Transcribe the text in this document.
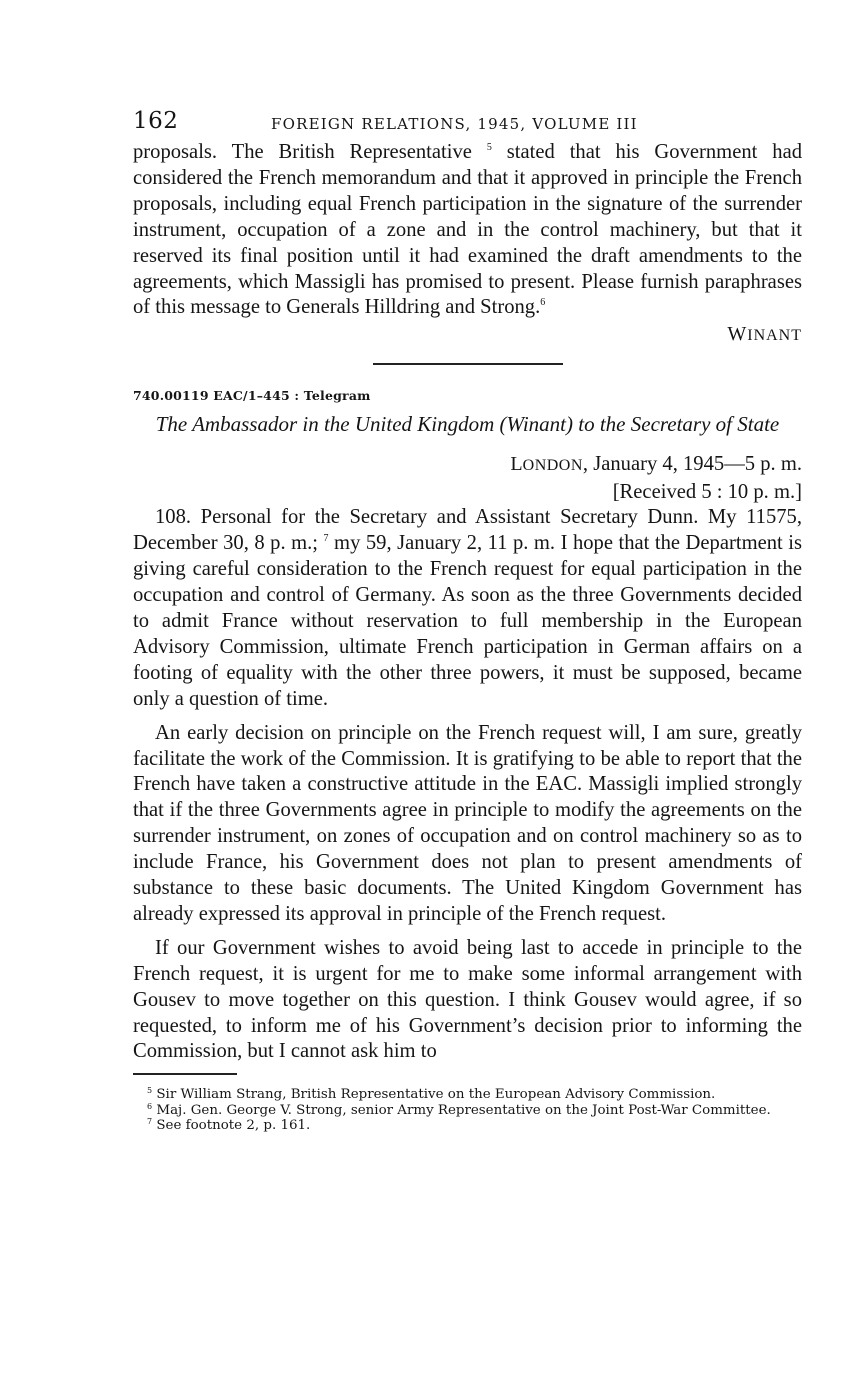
162	FOREIGN RELATIONS, 1945, VOLUME III

proposals. The British Representative $^5$ stated that his Government had considered the French memorandum and that it approved in principle the French proposals, including equal French participation in the signature of the surrender instrument, occupation of a zone and in the control machinery, but that it reserved its final position until it had examined the draft amendments to the agreements, which Massigli has promised to present. Please furnish paraphrases of this message to Generals Hilldring and Strong.$^6$

WINANT
740.00119 EAC/1–445 : Telegram
The Ambassador in the United Kingdom (Winant) to the Secretary of State
LONDON, January 4, 1945—5 p. m.
[Received 5 : 10 p. m.]

108. Personal for the Secretary and Assistant Secretary Dunn. My 11575, December 30, 8 p. m.; $^7$ my 59, January 2, 11 p. m. I hope that the Department is giving careful consideration to the French request for equal participation in the occupation and control of Germany. As soon as the three Governments decided to admit France without reservation to full membership in the European Advisory Commission, ultimate French participation in German affairs on a footing of equality with the other three powers, it must be supposed, became only a question of time.

An early decision on principle on the French request will, I am sure, greatly facilitate the work of the Commission. It is gratifying to be able to report that the French have taken a constructive attitude in the EAC. Massigli implied strongly that if the three Governments agree in principle to modify the agreements on the surrender instrument, on zones of occupation and on control machinery so as to include France, his Government does not plan to present amendments of substance to these basic documents. The United Kingdom Government has already expressed its approval in principle of the French request.

If our Government wishes to avoid being last to accede in principle to the French request, it is urgent for me to make some informal arrangement with Gousev to move together on this question. I think Gousev would agree, if so requested, to inform me of his Government’s decision prior to informing the Commission, but I cannot ask him to

$^5$ Sir William Strang, British Representative on the European Advisory Commission.

$^6$ Maj. Gen. George V. Strong, senior Army Representative on the Joint Post-War Committee.

$^7$ See footnote 2, p. 161.
